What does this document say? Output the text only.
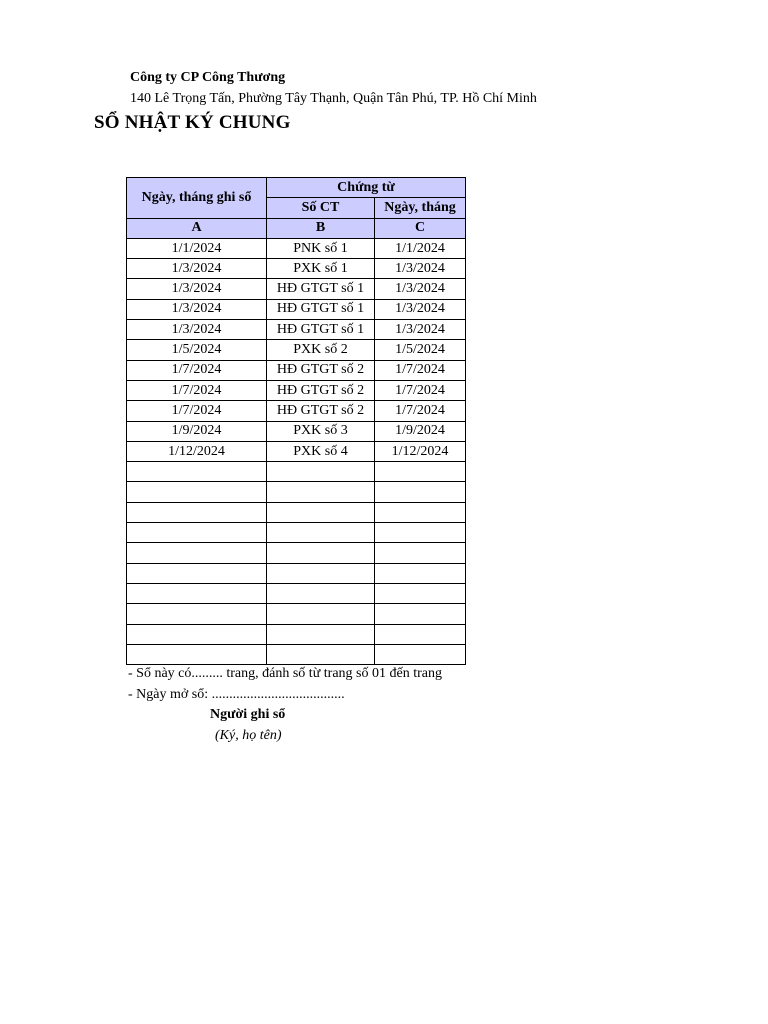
Công ty CP Công Thương
140 Lê Trọng Tấn, Phường Tây Thạnh, Quận Tân Phú, TP. Hồ Chí Minh
SỔ NHẬT KÝ CHUNG
Ngày, tháng ghi sổ	Chứng từ	
	Số CT	Ngày, tháng
A	B	C
1/1/2024	PNK số 1	1/1/2024
1/3/2024	PXK số 1	1/3/2024
1/3/2024	HĐ GTGT số 1	1/3/2024
1/3/2024	HĐ GTGT số 1	1/3/2024
1/3/2024	HĐ GTGT số 1	1/3/2024
1/5/2024	PXK số 2	1/5/2024
1/7/2024	HĐ GTGT số 2	1/7/2024
1/7/2024	HĐ GTGT số 2	1/7/2024
1/7/2024	HĐ GTGT số 2	1/7/2024
1/9/2024	PXK số 3	1/9/2024
1/12/2024	PXK số 4	1/12/2024

- Sổ này có......... trang, đánh số từ trang số 01 đến trang
- Ngày mở sổ: ......................................
Người ghi sổ
(Ký, họ tên)
